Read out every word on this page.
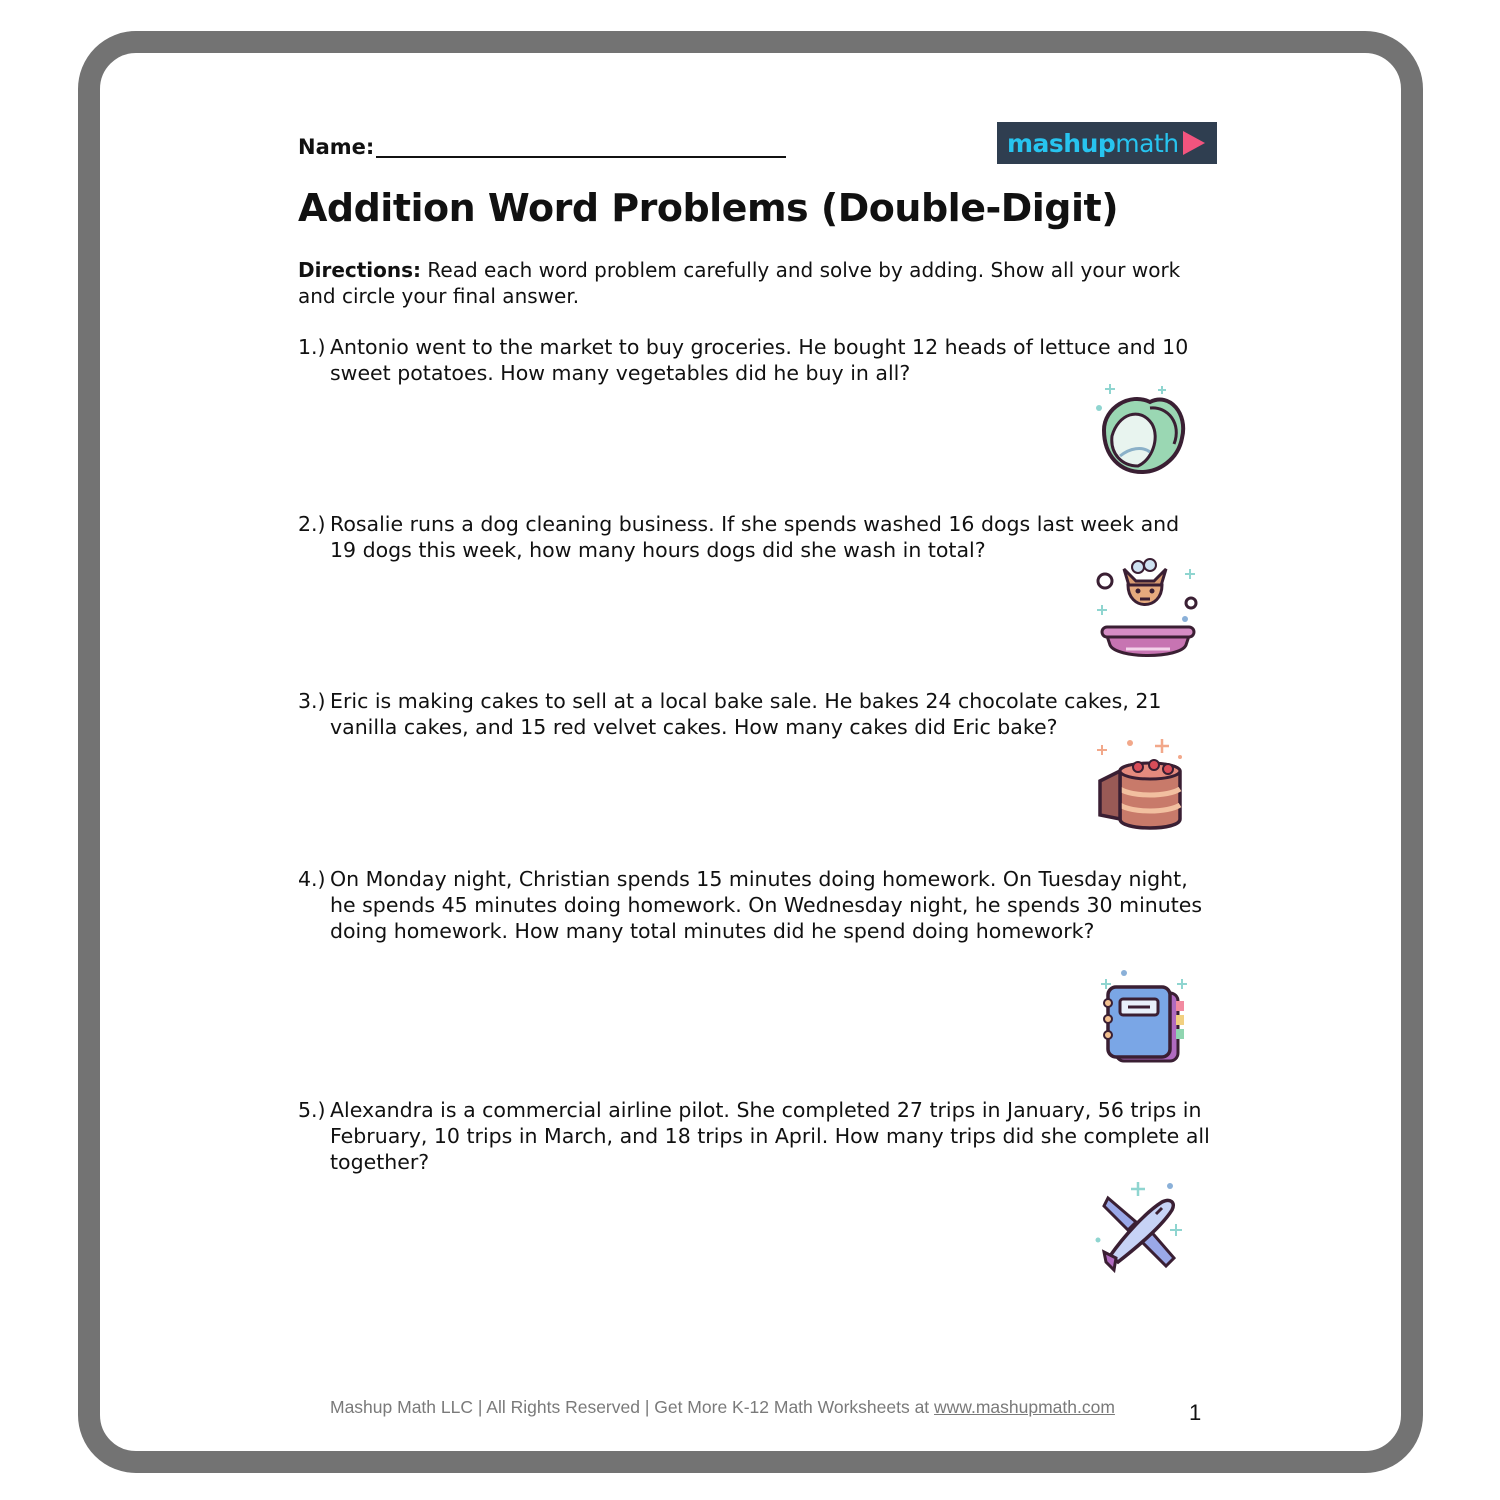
Name:	mashup math
Addition Word Problems (Double-Digit)
Directions: Read each word problem carefully and solve by adding. Show all your work and circle your final answer.
1.) Antonio went to the market to buy groceries. He bought 12 heads of lettuce and 10 sweet potatoes. How many vegetables did he buy in all?
2.) Rosalie runs a dog cleaning business. If she spends washed 16 dogs last week and 19 dogs this week, how many hours dogs did she wash in total?
3.) Eric is making cakes to sell at a local bake sale. He bakes 24 chocolate cakes, 21 vanilla cakes, and 15 red velvet cakes. How many cakes did Eric bake?
4.) On Monday night, Christian spends 15 minutes doing homework. On Tuesday night, he spends 45 minutes doing homework. On Wednesday night, he spends 30 minutes doing homework. How many total minutes did he spend doing homework?
5.) Alexandra is a commercial airline pilot. She completed 27 trips in January, 56 trips in February, 10 trips in March, and 18 trips in April. How many trips did she complete all together?
Mashup Math LLC | All Rights Reserved | Get More K-12 Math Worksheets at www.mashupmath.com	1
